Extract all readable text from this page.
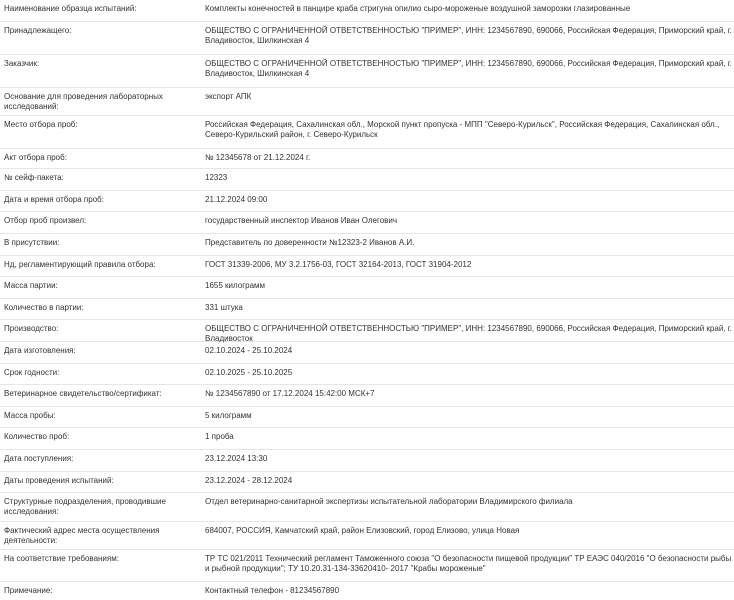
Наименование образца испытаний:	Комплекты конечностей в панцире краба стригуна опилио сыро-мороженые воздушной заморозки глазированные
Принадлежащего:	ОБЩЕСТВО С ОГРАНИЧЕННОЙ ОТВЕТСТВЕННОСТЬЮ "ПРИМЕР", ИНН: 1234567890, 690066, Российская Федерация, Приморский край, г. Владивосток, Шилкинская 4
Заказчик:	ОБЩЕСТВО С ОГРАНИЧЕННОЙ ОТВЕТСТВЕННОСТЬЮ "ПРИМЕР", ИНН: 1234567890, 690066, Российская Федерация, Приморский край, г. Владивосток, Шилкинская 4
Основание для проведения лабораторных исследований:
экспорт АПК
Место отбора проб:	Российская Федерация, Сахалинская обл., Морской пункт пропуска - МПП "Северо-Курильск", Российская Федерация, Сахалинская обл., Северо-Курильский район, г. Северо-Курильск
Акт отбора проб:	№ 12345678 от 21.12.2024 г.
№ сейф-пакета:	12323
Дата и время отбора проб:	21.12.2024 09:00
Отбор проб произвел:	государственный инспектор Иванов Иван Олегович
В присутствии:	Представитель по доверенности №12323-2 Иванов А.И.
Нд, регламентирующий правила отбора:	ГОСТ 31339-2006, МУ 3.2.1756-03, ГОСТ 32164-2013, ГОСТ 31904-2012
Масса партии:	1655 килограмм
Количество в партии:	331 штука
Производство:	ОБЩЕСТВО С ОГРАНИЧЕННОЙ ОТВЕТСТВЕННОСТЬЮ "ПРИМЕР", ИНН: 1234567890, 690066, Российская Федерация, Приморский край, г. Владивосток
Дата изготовления:	02.10.2024 - 25.10.2024
Срок годности:	02.10.2025 - 25.10.2025
Ветеринарное свидетельство/сертификат:	№ 1234567890 от 17.12.2024 15:42:00 МСК+7
Масса пробы:	5 килограмм
Количество проб:	1 проба
Дата поступления:	23.12.2024 13:30
Даты проведения испытаний:	23.12.2024 - 28.12.2024
Структурные подразделения, проводившие исследования:
Отдел ветеринарно-санитарной экспертизы испытательной лаборатории Владимирского филиала
Фактический адрес места осуществления деятельности:
684007, РОССИЯ, Камчатский край, район Елизовский, город Елизово, улица Новая
На соответствие требованиям:	ТР ТС 021/2011 Технический регламент Таможенного союза "О безопасности пищевой продукции" ТР ЕАЭС 040/2016 "О безопасности рыбы и рыбной продукции"; ТУ 10.20.31-134-33620410- 2017 "Крабы мороженые"
Примечание:	Контактный телефон - 81234567890
